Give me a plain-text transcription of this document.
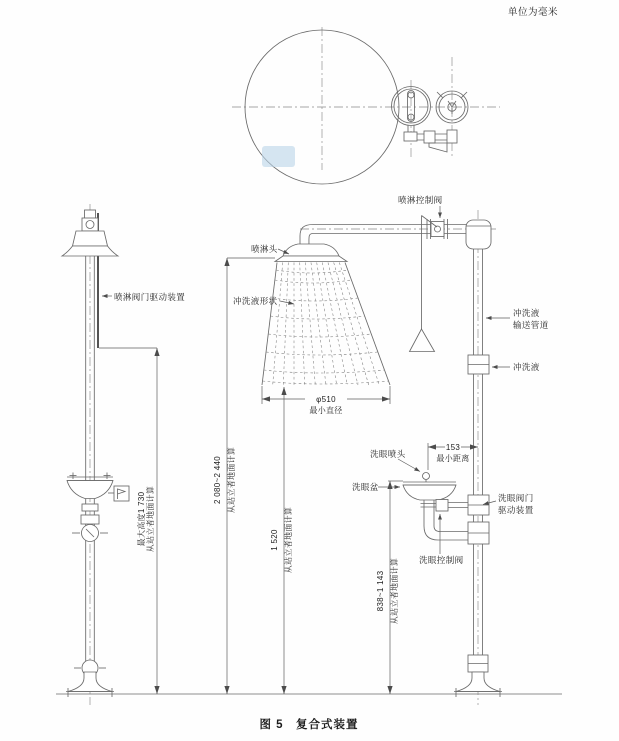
最大高度1 730 从站立者地面计算
喷淋阀门驱动装置
φ510
最小直径
2 080~2 440 从站立者地面计算
1 520 从站立者地面计算
喷淋头
冲洗液形状
冲洗液
输送管道
冲洗液
喷淋控制阀
153
最小距离
洗眼喷头
洗眼盆
洗眼阀门
驱动装置
洗眼控制阀
838~1 143 从站立者地面计算
单位为毫米
图 5　复合式装置
